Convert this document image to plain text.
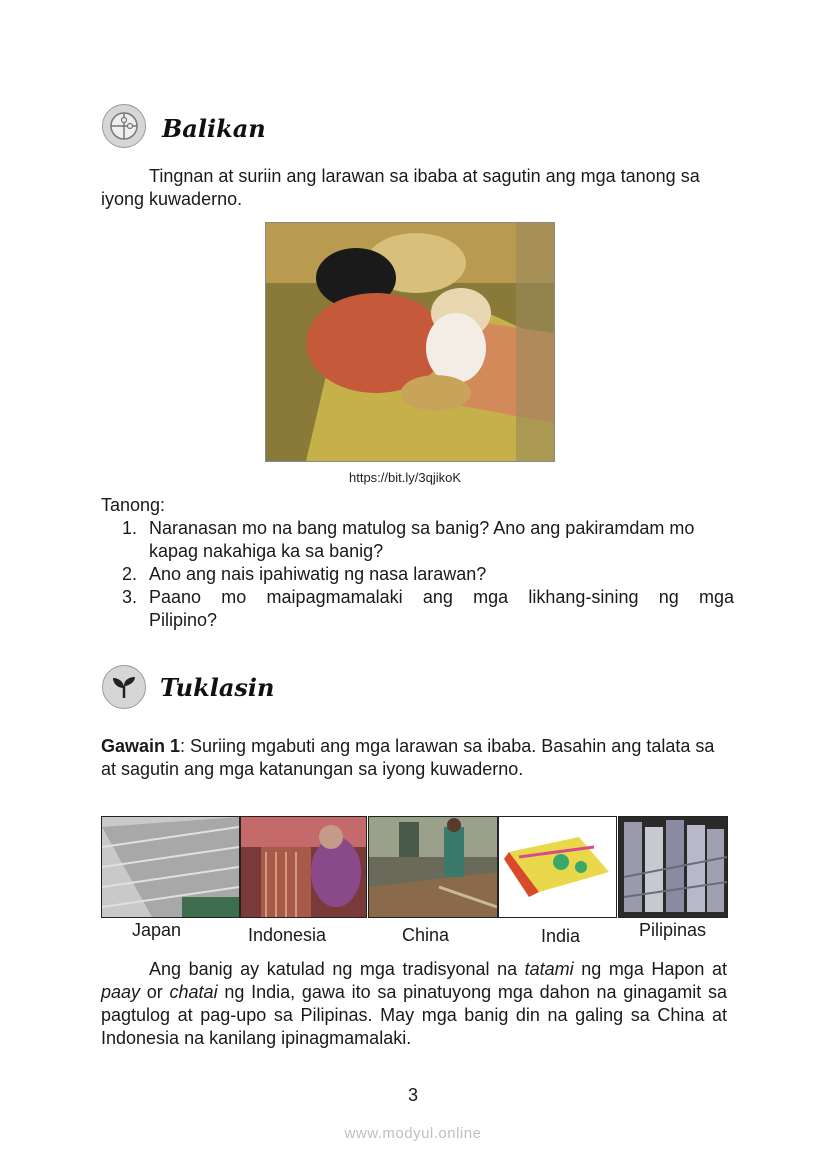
Balikan
Tingnan at suriin ang larawan sa ibaba at sagutin ang mga tanong sa iyong kuwaderno.
https://bit.ly/3qjikoK
Tanong:
1. Naranasan mo na bang matulog sa banig? Ano ang pakiramdam mo kapag nakahiga ka sa banig?
2. Ano ang nais ipahiwatig ng nasa larawan?
3. Paano mo maipagmamalaki ang mga likhang-sining ng mga Pilipino?
Tuklasin
Gawain 1: Suriing mgabuti ang mga larawan sa ibaba. Basahin ang talata sa at sagutin ang mga katanungan sa iyong kuwaderno.
Japan	Indonesia	China	India	Pilipinas
Ang banig ay katulad ng mga tradisyonal na tatami ng mga Hapon at paay or chatai ng India, gawa ito sa pinatuyong mga dahon na ginagamit sa pagtulog at pag-upo sa Pilipinas. May mga banig din na galing sa China at Indonesia na kanilang ipinagmamalaki.
3
www.modyul.online
